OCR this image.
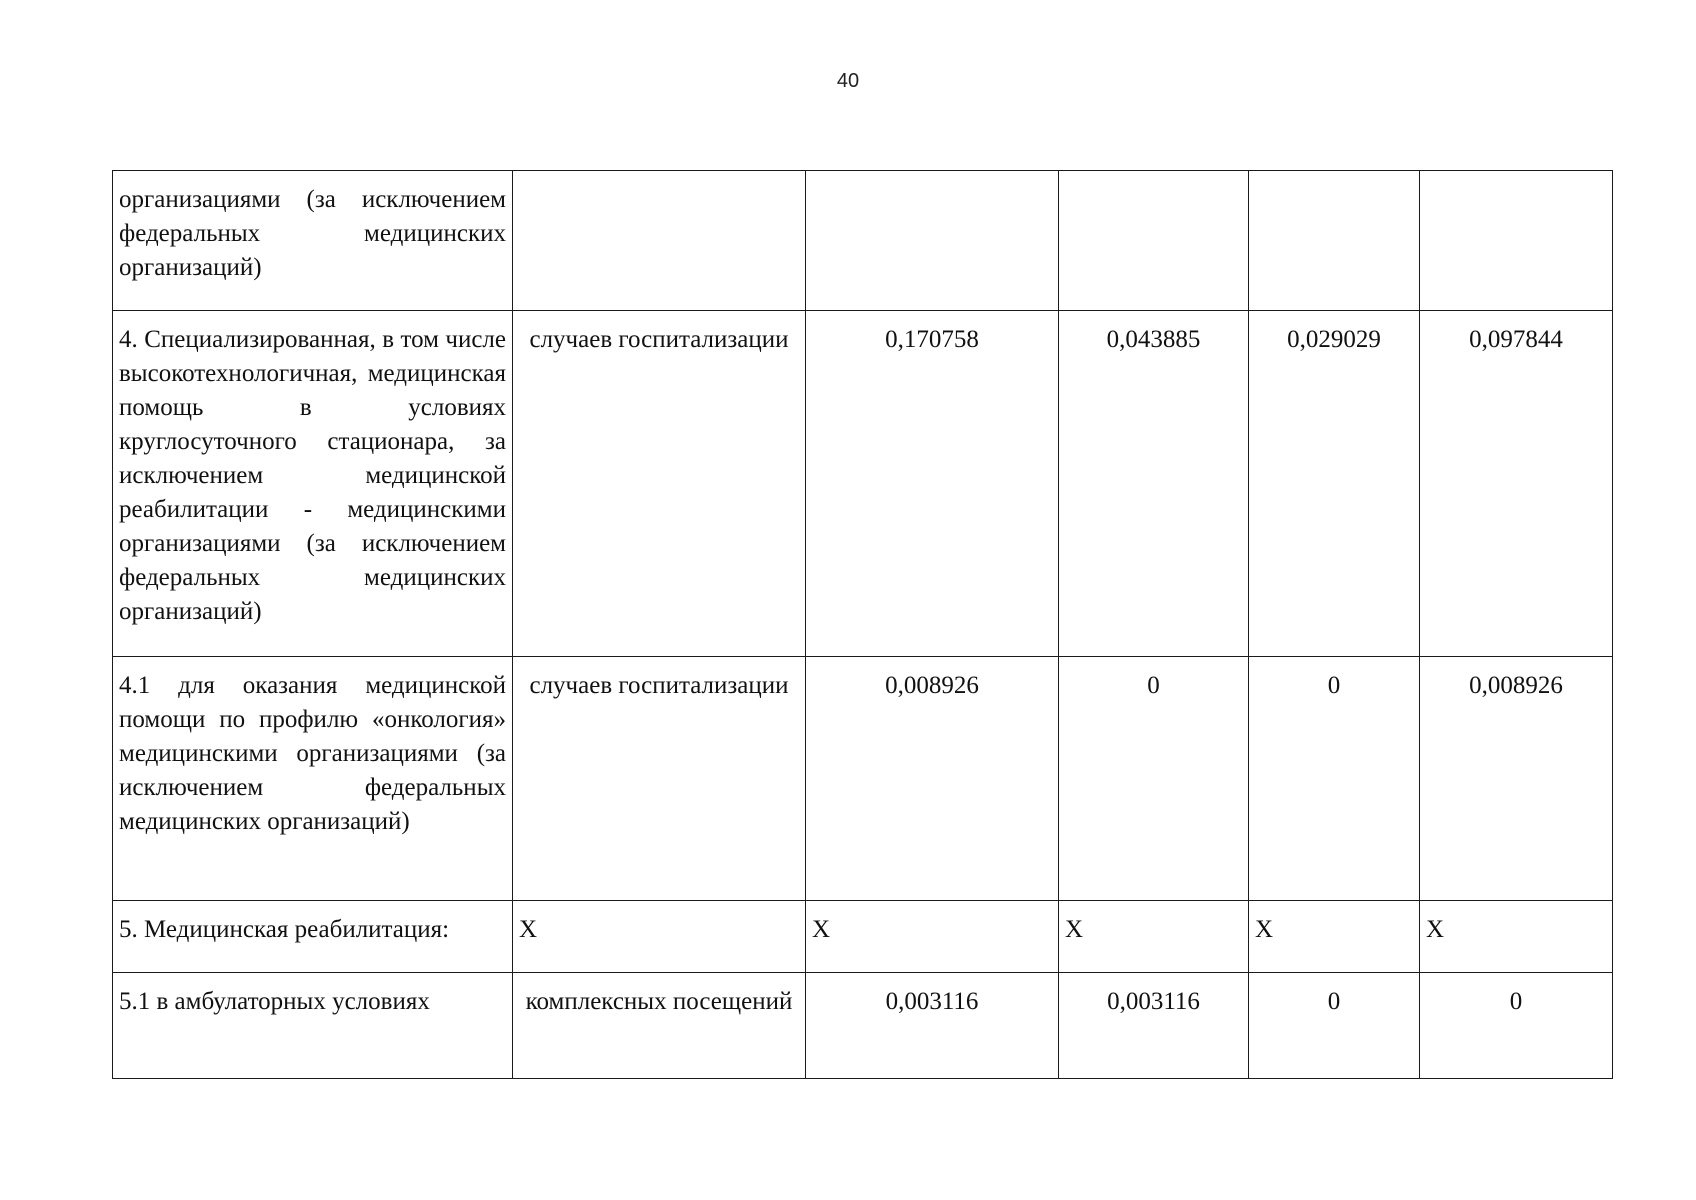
40
организациями (за исключением федеральных медицинских организаций)					
4. Специализированная, в том числе высокотехнологичная, медицинская помощь в условиях круглосуточного стационара, за исключением медицинской реабилитации - медицинскими организациями (за исключением федеральных медицинских организаций)	случаев госпитализации	0,170758	0,043885	0,029029	0,097844
4.1 для оказания медицинской помощи по профилю «онкология» медицинскими организациями (за исключением федеральных медицинских организаций)	случаев госпитализации	0,008926	0	0	0,008926
5. Медицинская реабилитация:	X	X	X	X	X
5.1 в амбулаторных условиях	комплексных посещений	0,003116	0,003116	0	0
